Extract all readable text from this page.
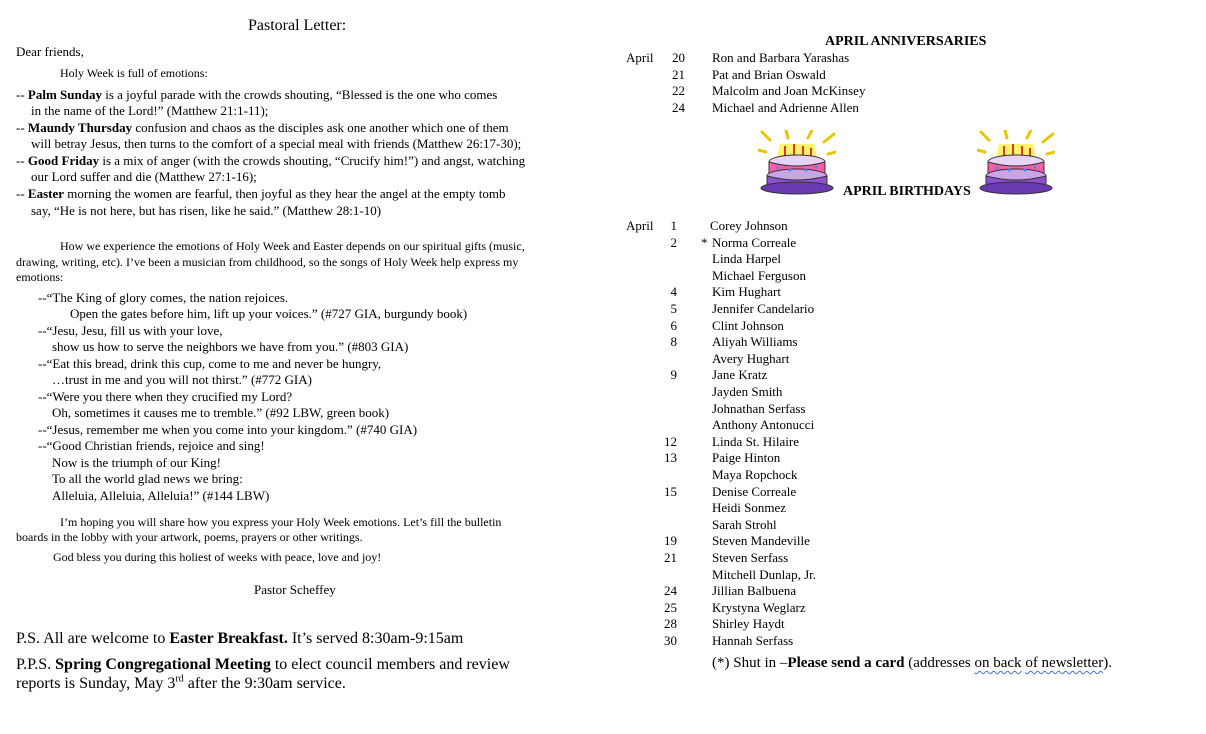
Pastoral Letter:
Dear friends,
Holy Week is full of emotions:
-- Palm Sunday is a joyful parade with the crowds shouting, “Blessed is the one who comes
in the name of the Lord!” (Matthew 21:1-11);
-- Maundy Thursday confusion and chaos as the disciples ask one another which one of them
will betray Jesus, then turns to the comfort of a special meal with friends (Matthew 26:17-30);
-- Good Friday is a mix of anger (with the crowds shouting, “Crucify him!”) and angst, watching
our Lord suffer and die (Matthew 27:1-16);
-- Easter morning the women are fearful, then joyful as they hear the angel at the empty tomb
say, “He is not here, but has risen, like he said.” (Matthew 28:1-10)
How we experience the emotions of Holy Week and Easter depends on our spiritual gifts (music,
drawing, writing, etc). I’ve been a musician from childhood, so the songs of Holy Week help express my
emotions:
--“The King of glory comes, the nation rejoices.
Open the gates before him, lift up your voices.” (#727 GIA, burgundy book)
--“Jesu, Jesu, fill us with your love,
show us how to serve the neighbors we have from you.” (#803 GIA)
--“Eat this bread, drink this cup, come to me and never be hungry,
…trust in me and you will not thirst.” (#772 GIA)
--“Were you there when they crucified my Lord?
Oh, sometimes it causes me to tremble.” (#92 LBW, green book)
--“Jesus, remember me when you come into your kingdom.” (#740 GIA)
--“Good Christian friends, rejoice and sing!
Now is the triumph of our King!
To all the world glad news we bring:
Alleluia, Alleluia, Alleluia!” (#144 LBW)
I’m hoping you will share how you express your Holy Week emotions. Let’s fill the bulletin
boards in the lobby with your artwork, poems, prayers or other writings.
God bless you during this holiest of weeks with peace, love and joy!
Pastor Scheffey
P.S. All are welcome to Easter Breakfast. It’s served 8:30am-9:15am
P.P.S. Spring Congregational Meeting to elect council members and review
reports is Sunday, May 3rd after the 9:30am service.
APRIL ANNIVERSARIES
April	20 Ron and Barbara Yarashas
21 Pat and Brian Oswald
22 Malcolm and Joan McKinsey
24 Michael and Adrienne Allen
APRIL BIRTHDAYS
April	1	Corey Johnson
2 * Norma Correale
Linda Harpel
Michael Ferguson
4	Kim Hughart
5	Jennifer Candelario
6	Clint Johnson
8	Aliyah Williams
Avery Hughart
9	Jane Kratz
Jayden Smith
Johnathan Serfass
Anthony Antonucci
12	Linda St. Hilaire
13	Paige Hinton
Maya Ropchock
15	Denise Correale
Heidi Sonmez
Sarah Strohl
19	Steven Mandeville
21	Steven Serfass
Mitchell Dunlap, Jr.
24	Jillian Balbuena
25	Krystyna Weglarz
28	Shirley Haydt
30	Hannah Serfass
(*) Shut in –Please send a card (addresses on back of newsletter).
